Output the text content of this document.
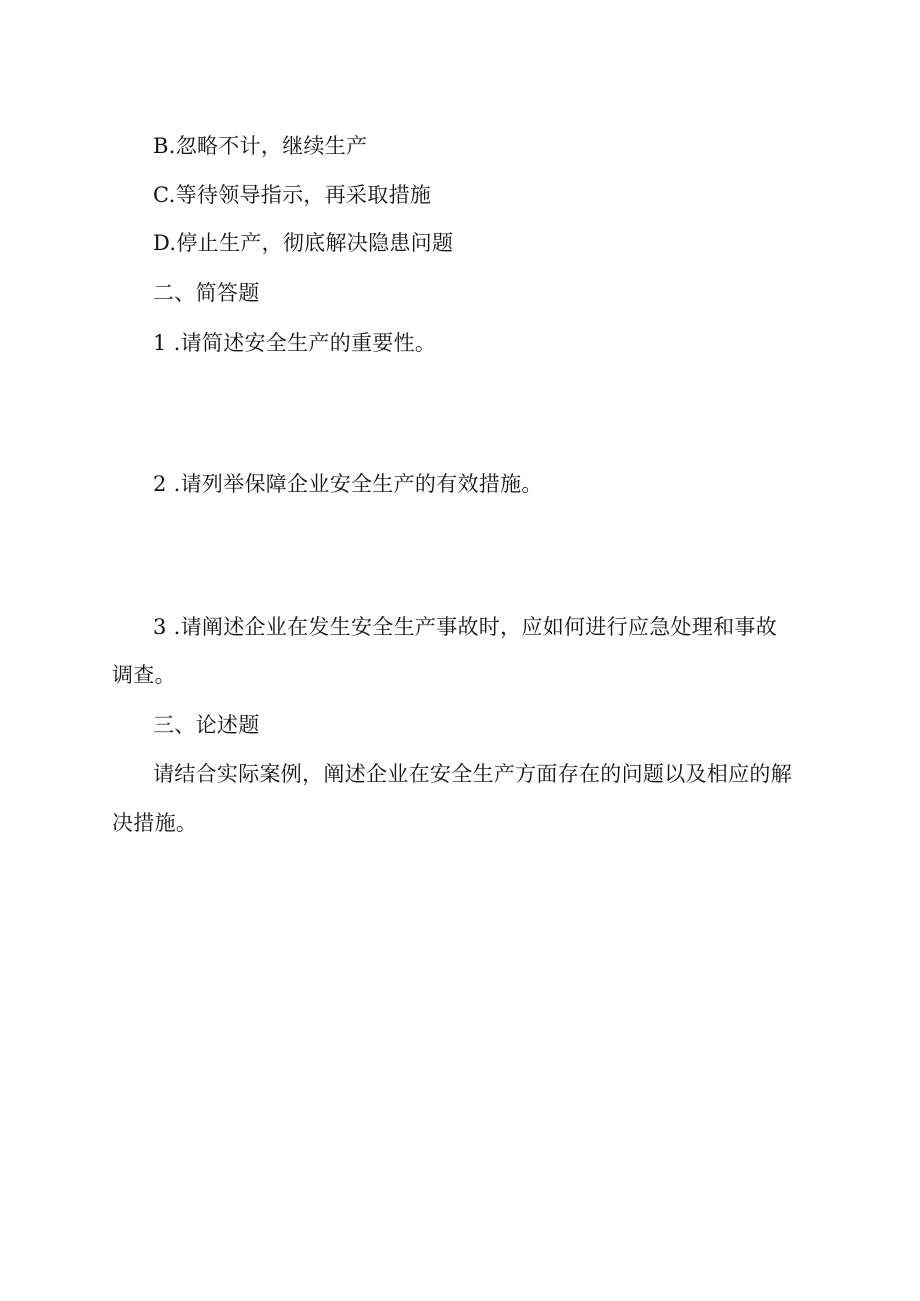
B.忽略不计，继续生产
C.等待领导指示，再采取措施
D.停止生产，彻底解决隐患问题
二、简答题
1 .请简述安全生产的重要性。
2 .请列举保障企业安全生产的有效措施。
3 .请阐述企业在发生安全生产事故时，应如何进行应急处理和事故
调查。
三、论述题
请结合实际案例，阐述企业在安全生产方面存在的问题以及相应的解
决措施。
